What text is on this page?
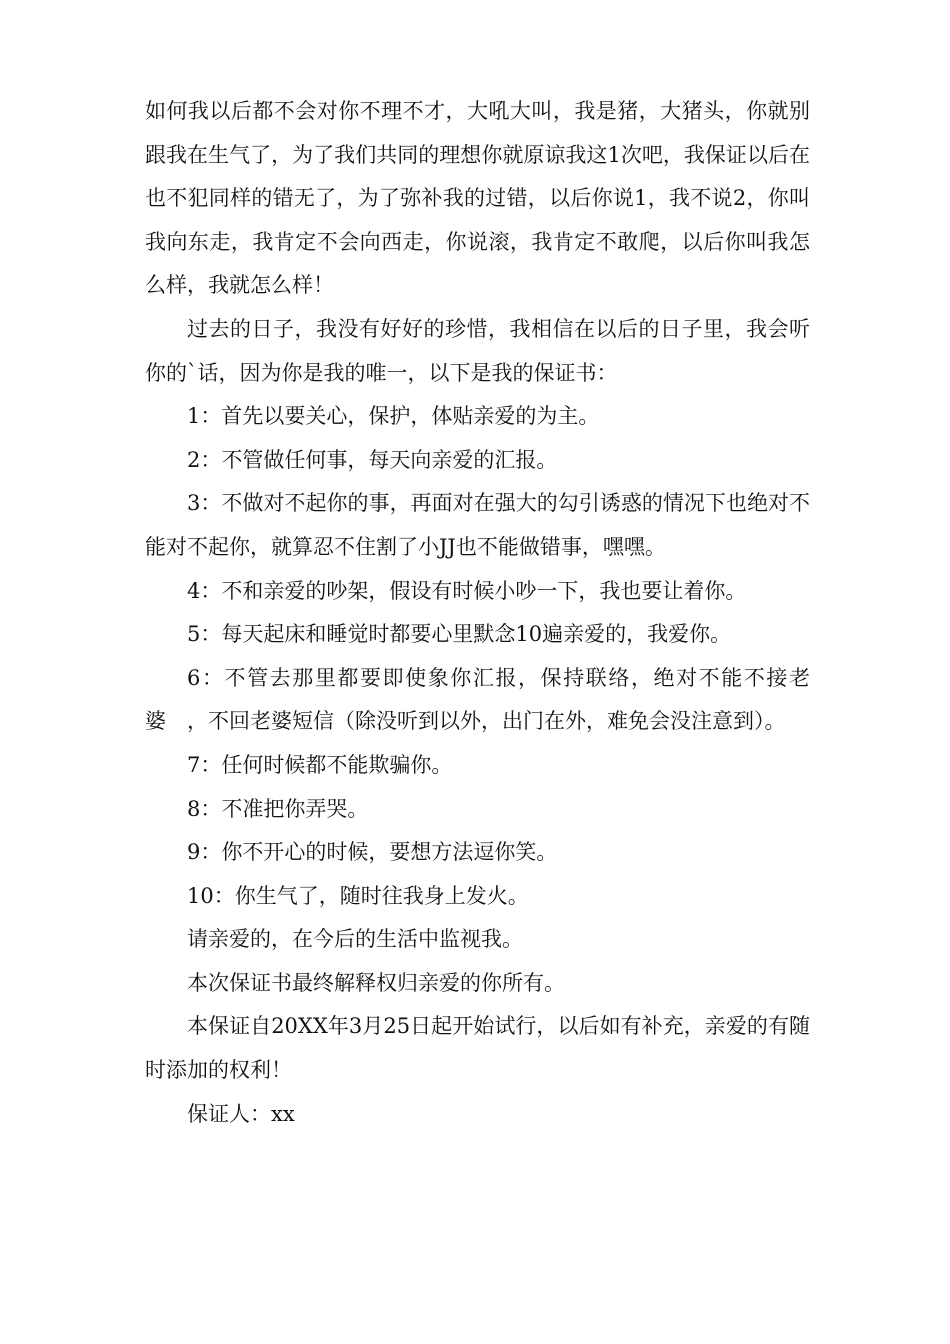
如何我以后都不会对你不理不才，大吼大叫，我是猪，大猪头，你就别跟我在生气了，为了我们共同的理想你就原谅我这1次吧，我保证以后在也不犯同样的错无了，为了弥补我的过错，以后你说1，我不说2，你叫我向东走，我肯定不会向西走，你说滚，我肯定不敢爬，以后你叫我怎么样，我就怎么样！

过去的日子，我没有好好的珍惜，我相信在以后的日子里，我会听你的`话，因为你是我的唯一，以下是我的保证书：

1：首先以要关心，保护，体贴亲爱的为主。

2：不管做任何事，每天向亲爱的汇报。

3：不做对不起你的事，再面对在强大的勾引诱惑的情况下也绝对不能对不起你，就算忍不住割了小JJ也不能做错事，嘿嘿。

4：不和亲爱的吵架，假设有时候小吵一下，我也要让着你。

5：每天起床和睡觉时都要心里默念10遍亲爱的，我爱你。

6：不管去那里都要即使象你汇报，保持联络，绝对不能不接老婆　，不回老婆短信（除没听到以外，出门在外，难免会没注意到）。

7：任何时候都不能欺骗你。

8：不准把你弄哭。

9：你不开心的时候，要想方法逗你笑。

10：你生气了，随时往我身上发火。

请亲爱的，在今后的生活中监视我。

本次保证书最终解释权归亲爱的你所有。

本保证自20XX年3月25日起开始试行，以后如有补充，亲爱的有随时添加的权利！

保证人：xx
